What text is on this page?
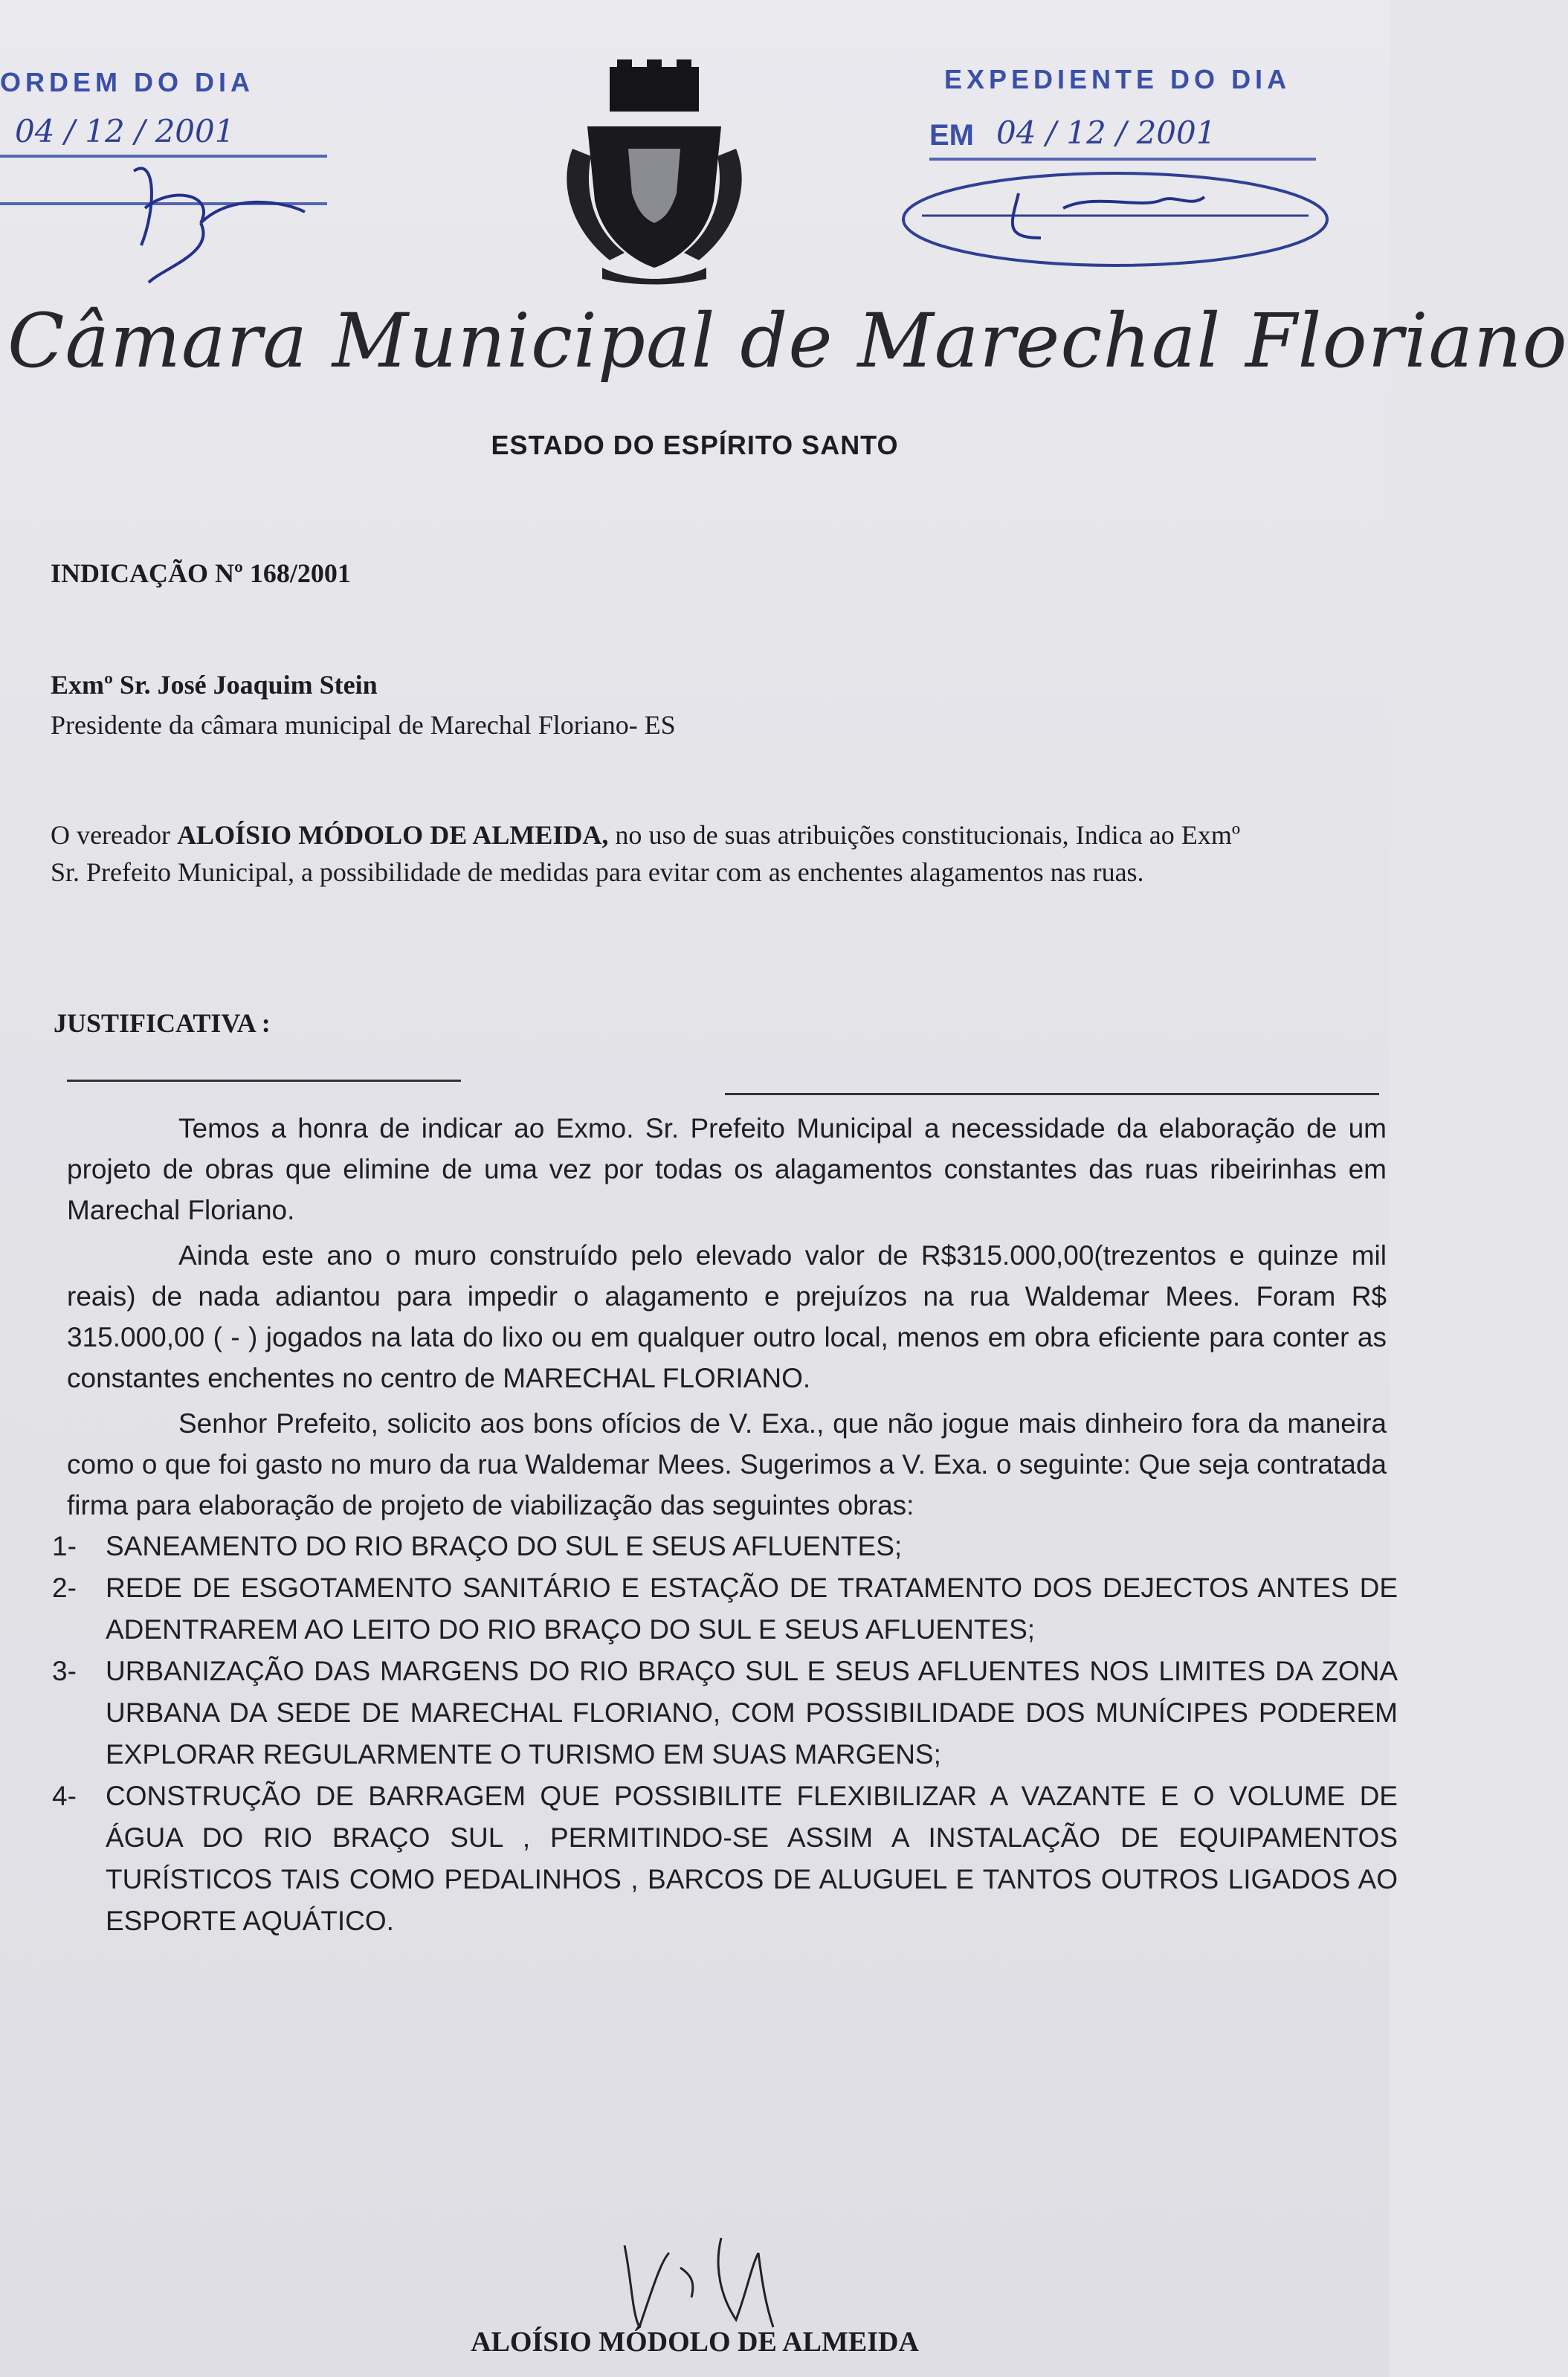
ORDEM DO DIA
04 / 12 / 2001
EXPEDIENTE DO DIA
EM 04 / 12 / 2001
Câmara Municipal de Marechal Floriano
ESTADO DO ESPÍRITO SANTO
INDICAÇÃO Nº 168/2001
Exmº Sr. José Joaquim Stein
Presidente da câmara municipal de Marechal Floriano- ES
O vereador ALOÍSIO MÓDOLO DE ALMEIDA, no uso de suas atribuições constitucionais, Indica ao Exmº Sr. Prefeito Municipal, a possibilidade de medidas para evitar com as enchentes alagamentos nas ruas.
JUSTIFICATIVA :

Temos a honra de indicar ao Exmo. Sr. Prefeito Municipal a necessidade da elaboração de um projeto de obras que elimine de uma vez por todas os alagamentos constantes das ruas ribeirinhas em Marechal Floriano.

Ainda este ano o muro construído pelo elevado valor de R$315.000,00(trezentos e quinze mil reais) de nada adiantou para impedir o alagamento e prejuízos na rua Waldemar Mees. Foram R$ 315.000,00 ( - ) jogados na lata do lixo ou em qualquer outro local, menos em obra eficiente para conter as constantes enchentes no centro de MARECHAL FLORIANO.

Senhor Prefeito, solicito aos bons ofícios de V. Exa., que não jogue mais dinheiro fora da maneira como o que foi gasto no muro da rua Waldemar Mees. Sugerimos a V. Exa. o seguinte: Que seja contratada firma para elaboração de projeto de viabilização das seguintes obras:

1-	SANEAMENTO DO RIO BRAÇO DO SUL E SEUS AFLUENTES;
2-	REDE DE ESGOTAMENTO SANITÁRIO E ESTAÇÃO DE TRATAMENTO DOS DEJECTOS ANTES DE ADENTRAREM AO LEITO DO RIO BRAÇO DO SUL E SEUS AFLUENTES;
3-	URBANIZAÇÃO DAS MARGENS DO RIO BRAÇO SUL E SEUS AFLUENTES NOS LIMITES DA ZONA URBANA DA SEDE DE MARECHAL FLORIANO, COM POSSIBILIDADE DOS MUNÍCIPES PODEREM EXPLORAR REGULARMENTE O TURISMO EM SUAS MARGENS;
4-	CONSTRUÇÃO DE BARRAGEM QUE POSSIBILITE FLEXIBILIZAR A VAZANTE E O VOLUME DE ÁGUA DO RIO BRAÇO SUL , PERMITINDO-SE ASSIM A INSTALAÇÃO DE EQUIPAMENTOS TURÍSTICOS TAIS COMO PEDALINHOS , BARCOS DE ALUGUEL E TANTOS OUTROS LIGADOS AO ESPORTE AQUÁTICO.
ALOÍSIO MÓDOLO DE ALMEIDA
